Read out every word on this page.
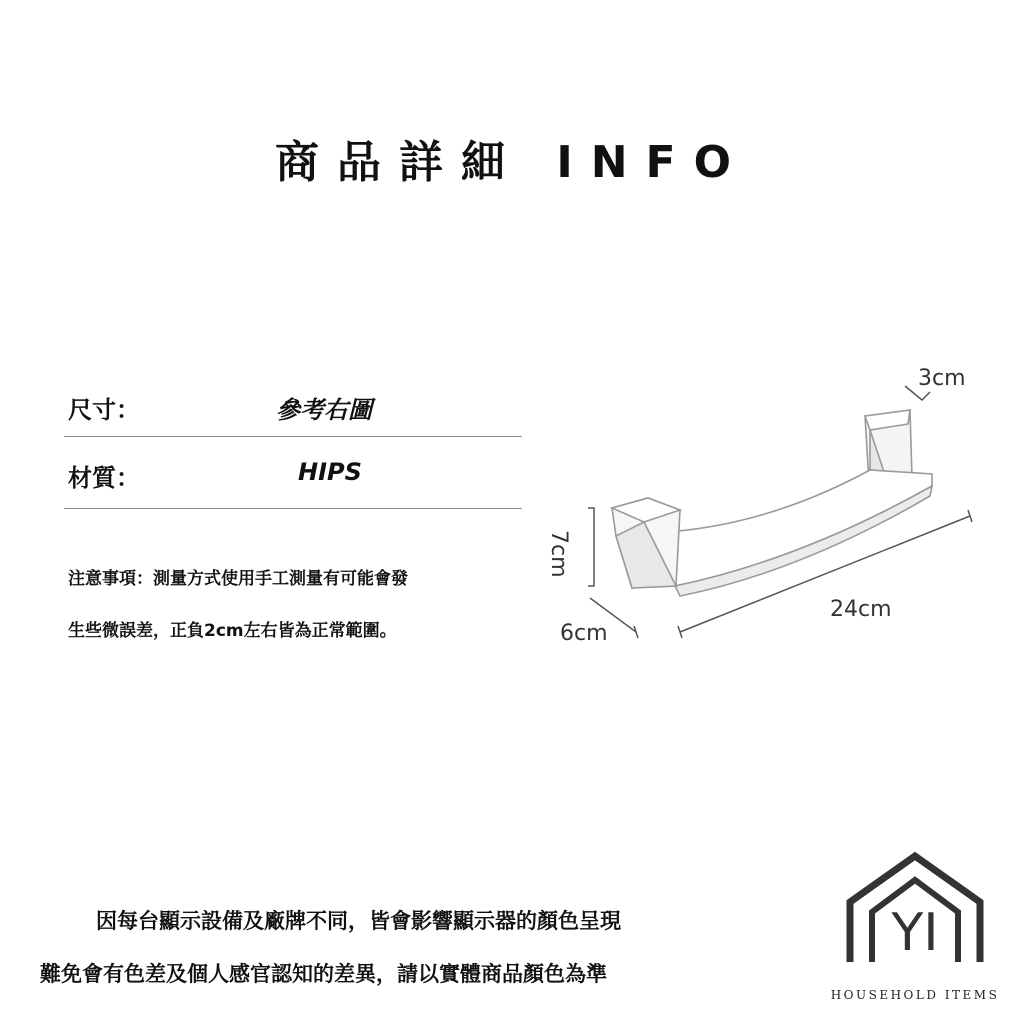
商品詳細 INFO
尺寸：	參考右圖
材質：	HIPS
注意事項：測量方式使用手工測量有可能會發
生些微誤差，正負2cm左右皆為正常範圍。
3cm
7cm
24cm
6cm
因每台顯示設備及廠牌不同，皆會影響顯示器的顏色呈現
難免會有色差及個人感官認知的差異，請以實體商品顏色為準
YI
HOUSEHOLD ITEMS
